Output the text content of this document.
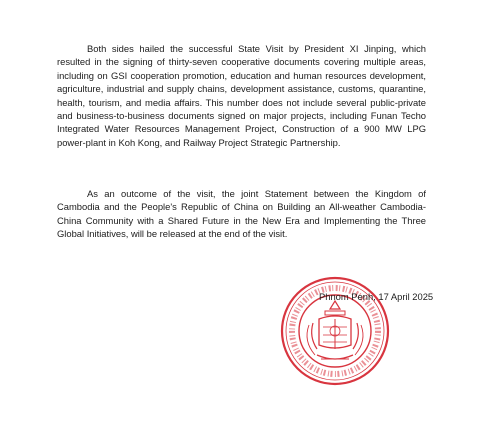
Both sides hailed the successful State Visit by President XI Jinping, which resulted in the signing of thirty-seven cooperative documents covering multiple areas, including on GSI cooperation promotion, education and human resources development, agriculture, industrial and supply chains, development assistance, customs, quarantine, health, tourism, and media affairs. This number does not include several public-private and business-to-business documents signed on major projects, including Funan Techo Integrated Water Resources Management Project, Construction of a 900 MW LPG power-plant in Koh Kong, and Railway Project Strategic Partnership.

As an outcome of the visit, the joint Statement between the Kingdom of Cambodia and the People's Republic of China on Building an All-weather Cambodia-China Community with a Shared Future in the New Era and Implementing the Three Global Initiatives, will be released at the end of the visit.

Phnom Penh, 17 April 2025
